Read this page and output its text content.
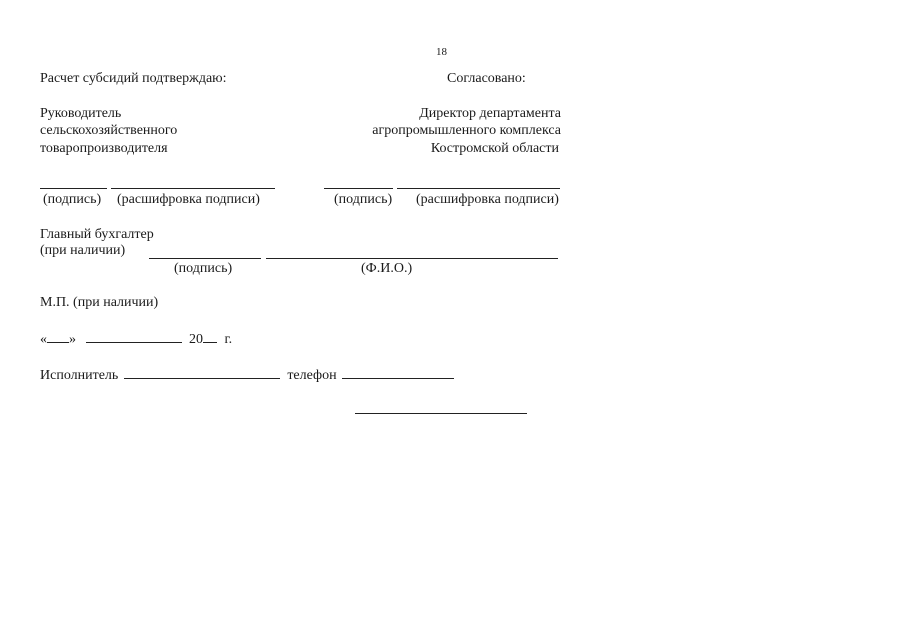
18
Расчет субсидий подтверждаю:	Согласовано:
Руководитель
сельскохозяйственного
товаропроизводителя
Директор департамента
агропромышленного комплекса
Костромской области
(подпись) (расшифровка подписи)	(подпись) (расшифровка подписи)
Главный бухгалтер
(при наличии)
(подпись)	(Ф.И.О.)
М.П. (при наличии)
« »	20 г.
Исполнитель	телефон
